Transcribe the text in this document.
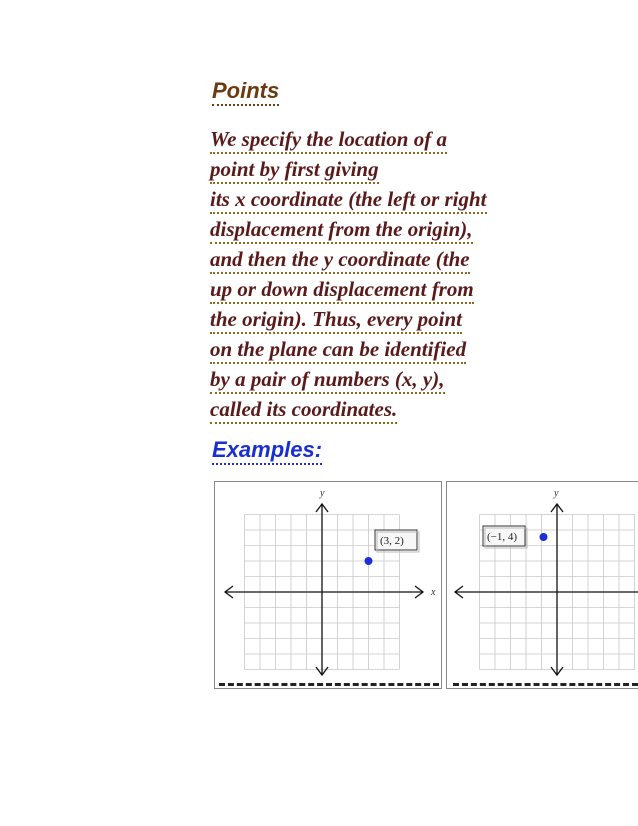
Points
We specify the location of a
point by first giving
its x coordinate (the left or right
displacement from the origin),
and then the y coordinate (the
up or down displacement from
the origin). Thus, every point
on the plane can be identified
by a pair of numbers (x, y),
called its coordinates.
Examples:
x
y
(3, 2)
y
(−1, 4)
